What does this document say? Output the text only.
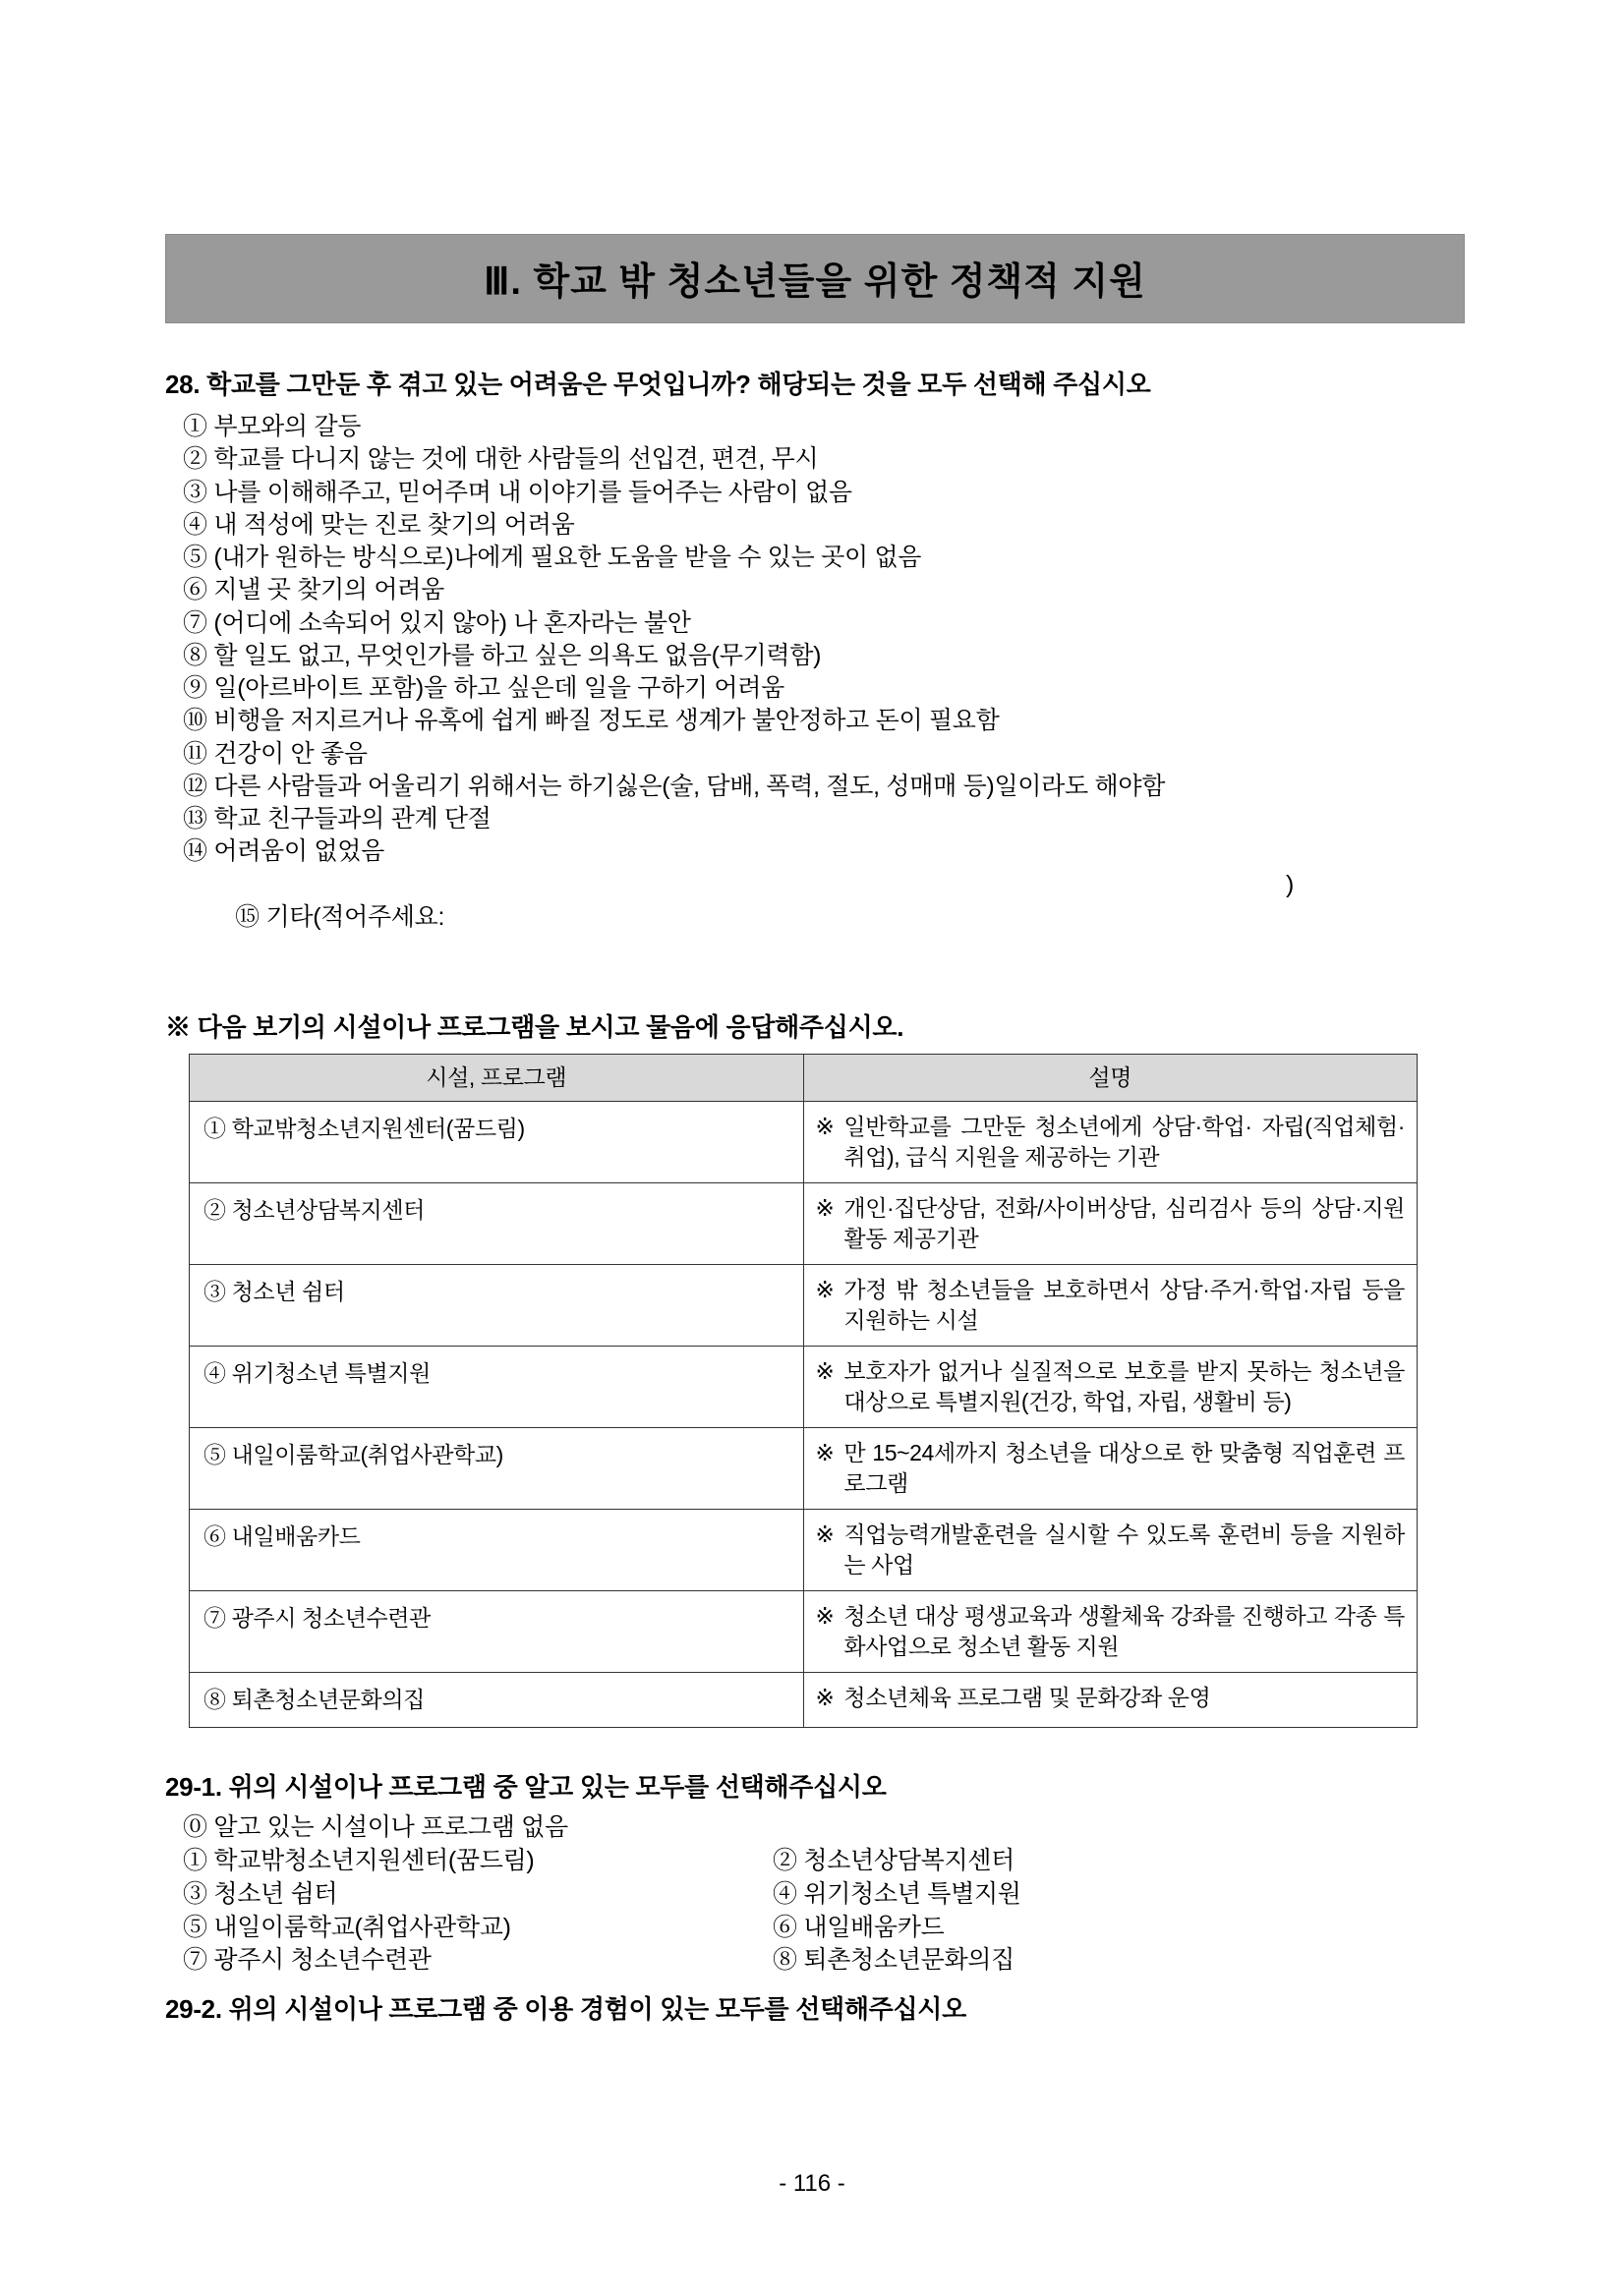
Ⅲ. 학교 밖 청소년들을 위한 정책적 지원
28. 학교를 그만둔 후 겪고 있는 어려움은 무엇입니까? 해당되는 것을 모두 선택해 주십시오
① 부모와의 갈등
② 학교를 다니지 않는 것에 대한 사람들의 선입견, 편견, 무시
③ 나를 이해해주고, 믿어주며 내 이야기를 들어주는 사람이 없음
④ 내 적성에 맞는 진로 찾기의 어려움
⑤ (내가 원하는 방식으로)나에게 필요한 도움을 받을 수 있는 곳이 없음
⑥ 지낼 곳 찾기의 어려움
⑦ (어디에 소속되어 있지 않아) 나 혼자라는 불안
⑧ 할 일도 없고, 무엇인가를 하고 싶은 의욕도 없음(무기력함)
⑨ 일(아르바이트 포함)을 하고 싶은데 일을 구하기 어려움
⑩ 비행을 저지르거나 유혹에 쉽게 빠질 정도로 생계가 불안정하고 돈이 필요함
⑪ 건강이 안 좋음
⑫ 다른 사람들과 어울리기 위해서는 하기싫은(술, 담배, 폭력, 절도, 성매매 등)일이라도 해야함
⑬ 학교 친구들과의 관계 단절
⑭ 어려움이 없었음

⑮ 기타(적어주세요:

)

※ 다음 보기의 시설이나 프로그램을 보시고 물음에 응답해주십시오.
시설, 프로그램	설명
① 학교밖청소년지원센터(꿈드림)	※ 일반학교를 그만둔 청소년에게 상담·학업· 자립(직업체험·취업), 급식 지원을 제공하는 기관

② 청소년상담복지센터	※ 개인·집단상담, 전화/사이버상담, 심리검사 등의 상담·지원활동 제공기관

③ 청소년 쉼터	※ 가정 밖 청소년들을 보호하면서 상담·주거·학업·자립 등을 지원하는 시설

④ 위기청소년 특별지원	※ 보호자가 없거나 실질적으로 보호를 받지 못하는 청소년을 대상으로 특별지원(건강, 학업, 자립, 생활비 등)

⑤ 내일이룸학교(취업사관학교)	※ 만 15~24세까지 청소년을 대상으로 한 맞춤형 직업훈련 프로그램

⑥ 내일배움카드	※ 직업능력개발훈련을 실시할 수 있도록 훈련비 등을 지원하는 사업

⑦ 광주시 청소년수련관	※ 청소년 대상 평생교육과 생활체육 강좌를 진행하고 각종 특화사업으로 청소년 활동 지원

⑧ 퇴촌청소년문화의집	※ 청소년체육 프로그램 및 문화강좌 운영
29-1. 위의 시설이나 프로그램 중 알고 있는 모두를 선택해주십시오
⓪ 알고 있는 시설이나 프로그램 없음
① 학교밖청소년지원센터(꿈드림)	② 청소년상담복지센터
③ 청소년 쉼터	④ 위기청소년 특별지원
⑤ 내일이룸학교(취업사관학교)	⑥ 내일배움카드
⑦ 광주시 청소년수련관	⑧ 퇴촌청소년문화의집
29-2. 위의 시설이나 프로그램 중 이용 경험이 있는 모두를 선택해주십시오
- 116 -
